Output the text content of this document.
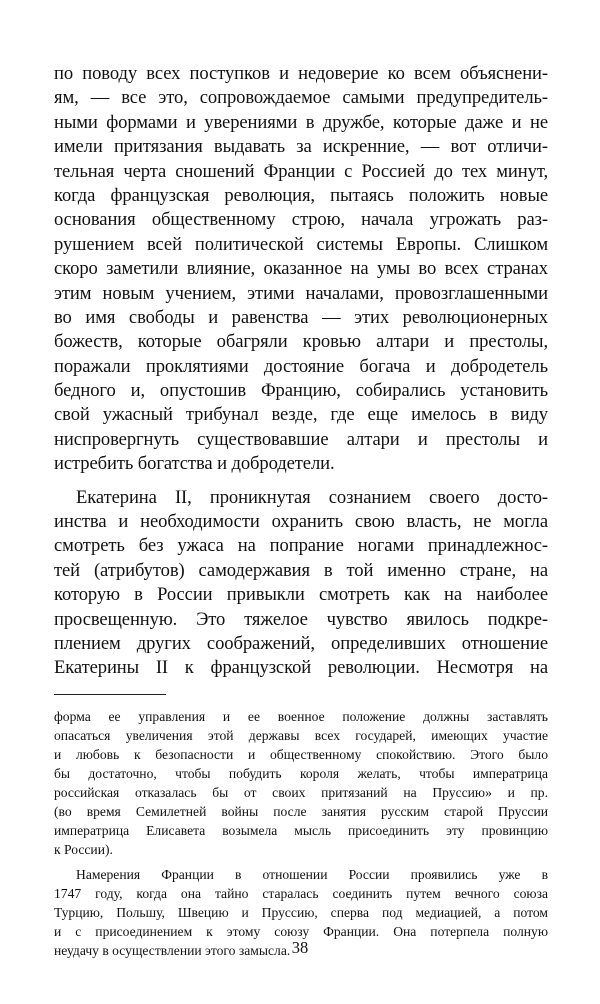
по поводу всех поступков и недоверие ко всем объяснени-
ям, — все это, сопровождаемое самыми предупредитель-
ными формами и уверениями в дружбе, которые даже и не
имели притязания выдавать за искренние, — вот отличи-
тельная черта сношений Франции с Россией до тех минут,
когда французская революция, пытаясь положить новые
основания общественному строю, начала угрожать раз-
рушением всей политической системы Европы. Слишком
скоро заметили влияние, оказанное на умы во всех странах
этим новым учением, этими началами, провозглашенными
во имя свободы и равенства — этих революционерных
божеств, которые обагряли кровью алтари и престолы,
поражали проклятиями достояние богача и добродетель
бедного и, опустошив Францию, собирались установить
свой ужасный трибунал везде, где еще имелось в виду
ниспровергнуть существовавшие алтари и престолы и
истребить богатства и добродетели.
Екатерина II, проникнутая сознанием своего досто-
инства и необходимости охранить свою власть, не могла
смотреть без ужаса на попрание ногами принадлежнос-
тей (атрибутов) самодержавия в той именно стране, на
которую в России привыкли смотреть как на наиболее
просвещенную. Это тяжелое чувство явилось подкре-
плением других соображений, определивших отношение
Екатерины II к французской революции. Несмотря на
форма ее управления и ее военное положение должны заставлять
опасаться увеличения этой державы всех государей, имеющих участие
и любовь к безопасности и общественному спокойствию. Этого было
бы достаточно, чтобы побудить короля желать, чтобы императрица
российская отказалась бы от своих притязаний на Пруссию» и пр.
(во время Семилетней войны после занятия русским старой Пруссии
императрица Елисавета возымела мысль присоединить эту провинцию
к России).
Намерения Франции в отношении России проявились уже в
1747 году, когда она тайно старалась соединить путем вечного союза
Турцию, Польшу, Швецию и Пруссию, сперва под медиацией, а потом
и с присоединением к этому союзу Франции. Она потерпела полную
неудачу в осуществлении этого замысла. 38
